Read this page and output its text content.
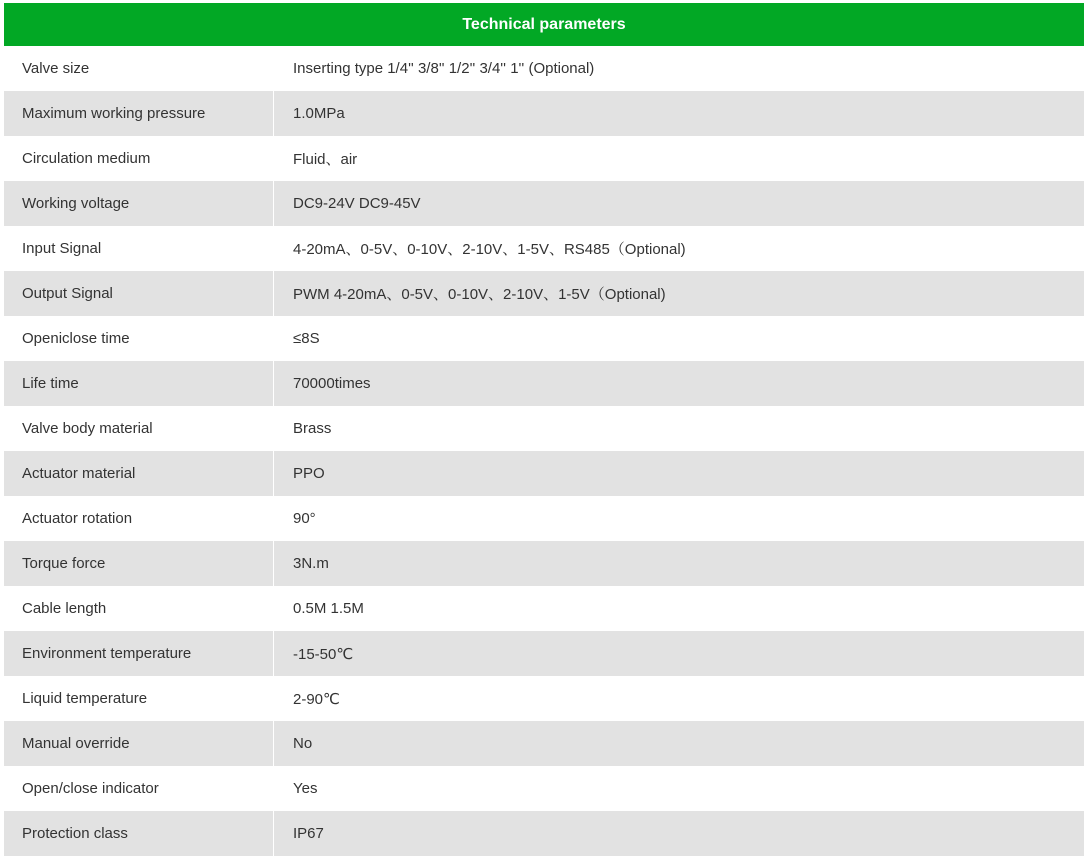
Technical parameters
Valve size	Inserting type 1/4'' 3/8'' 1/2'' 3/4'' 1'' (Optional)
Maximum working pressure	1.0MPa
Circulation medium	Fluid、air
Working voltage	DC9-24V DC9-45V
Input Signal	4-20mA、0-5V、0-10V、2-10V、1-5V、RS485（Optional)
Output Signal	PWM 4-20mA、0-5V、0-10V、2-10V、1-5V（Optional)
Openiclose time	≤8S
Life time	70000times
Valve body material	Brass
Actuator material	PPO
Actuator rotation	90°
Torque force	3N.m
Cable length	0.5M 1.5M
Environment temperature	-15-50℃
Liquid temperature	2-90℃
Manual override	No
Open/close indicator	Yes
Protection class	IP67
